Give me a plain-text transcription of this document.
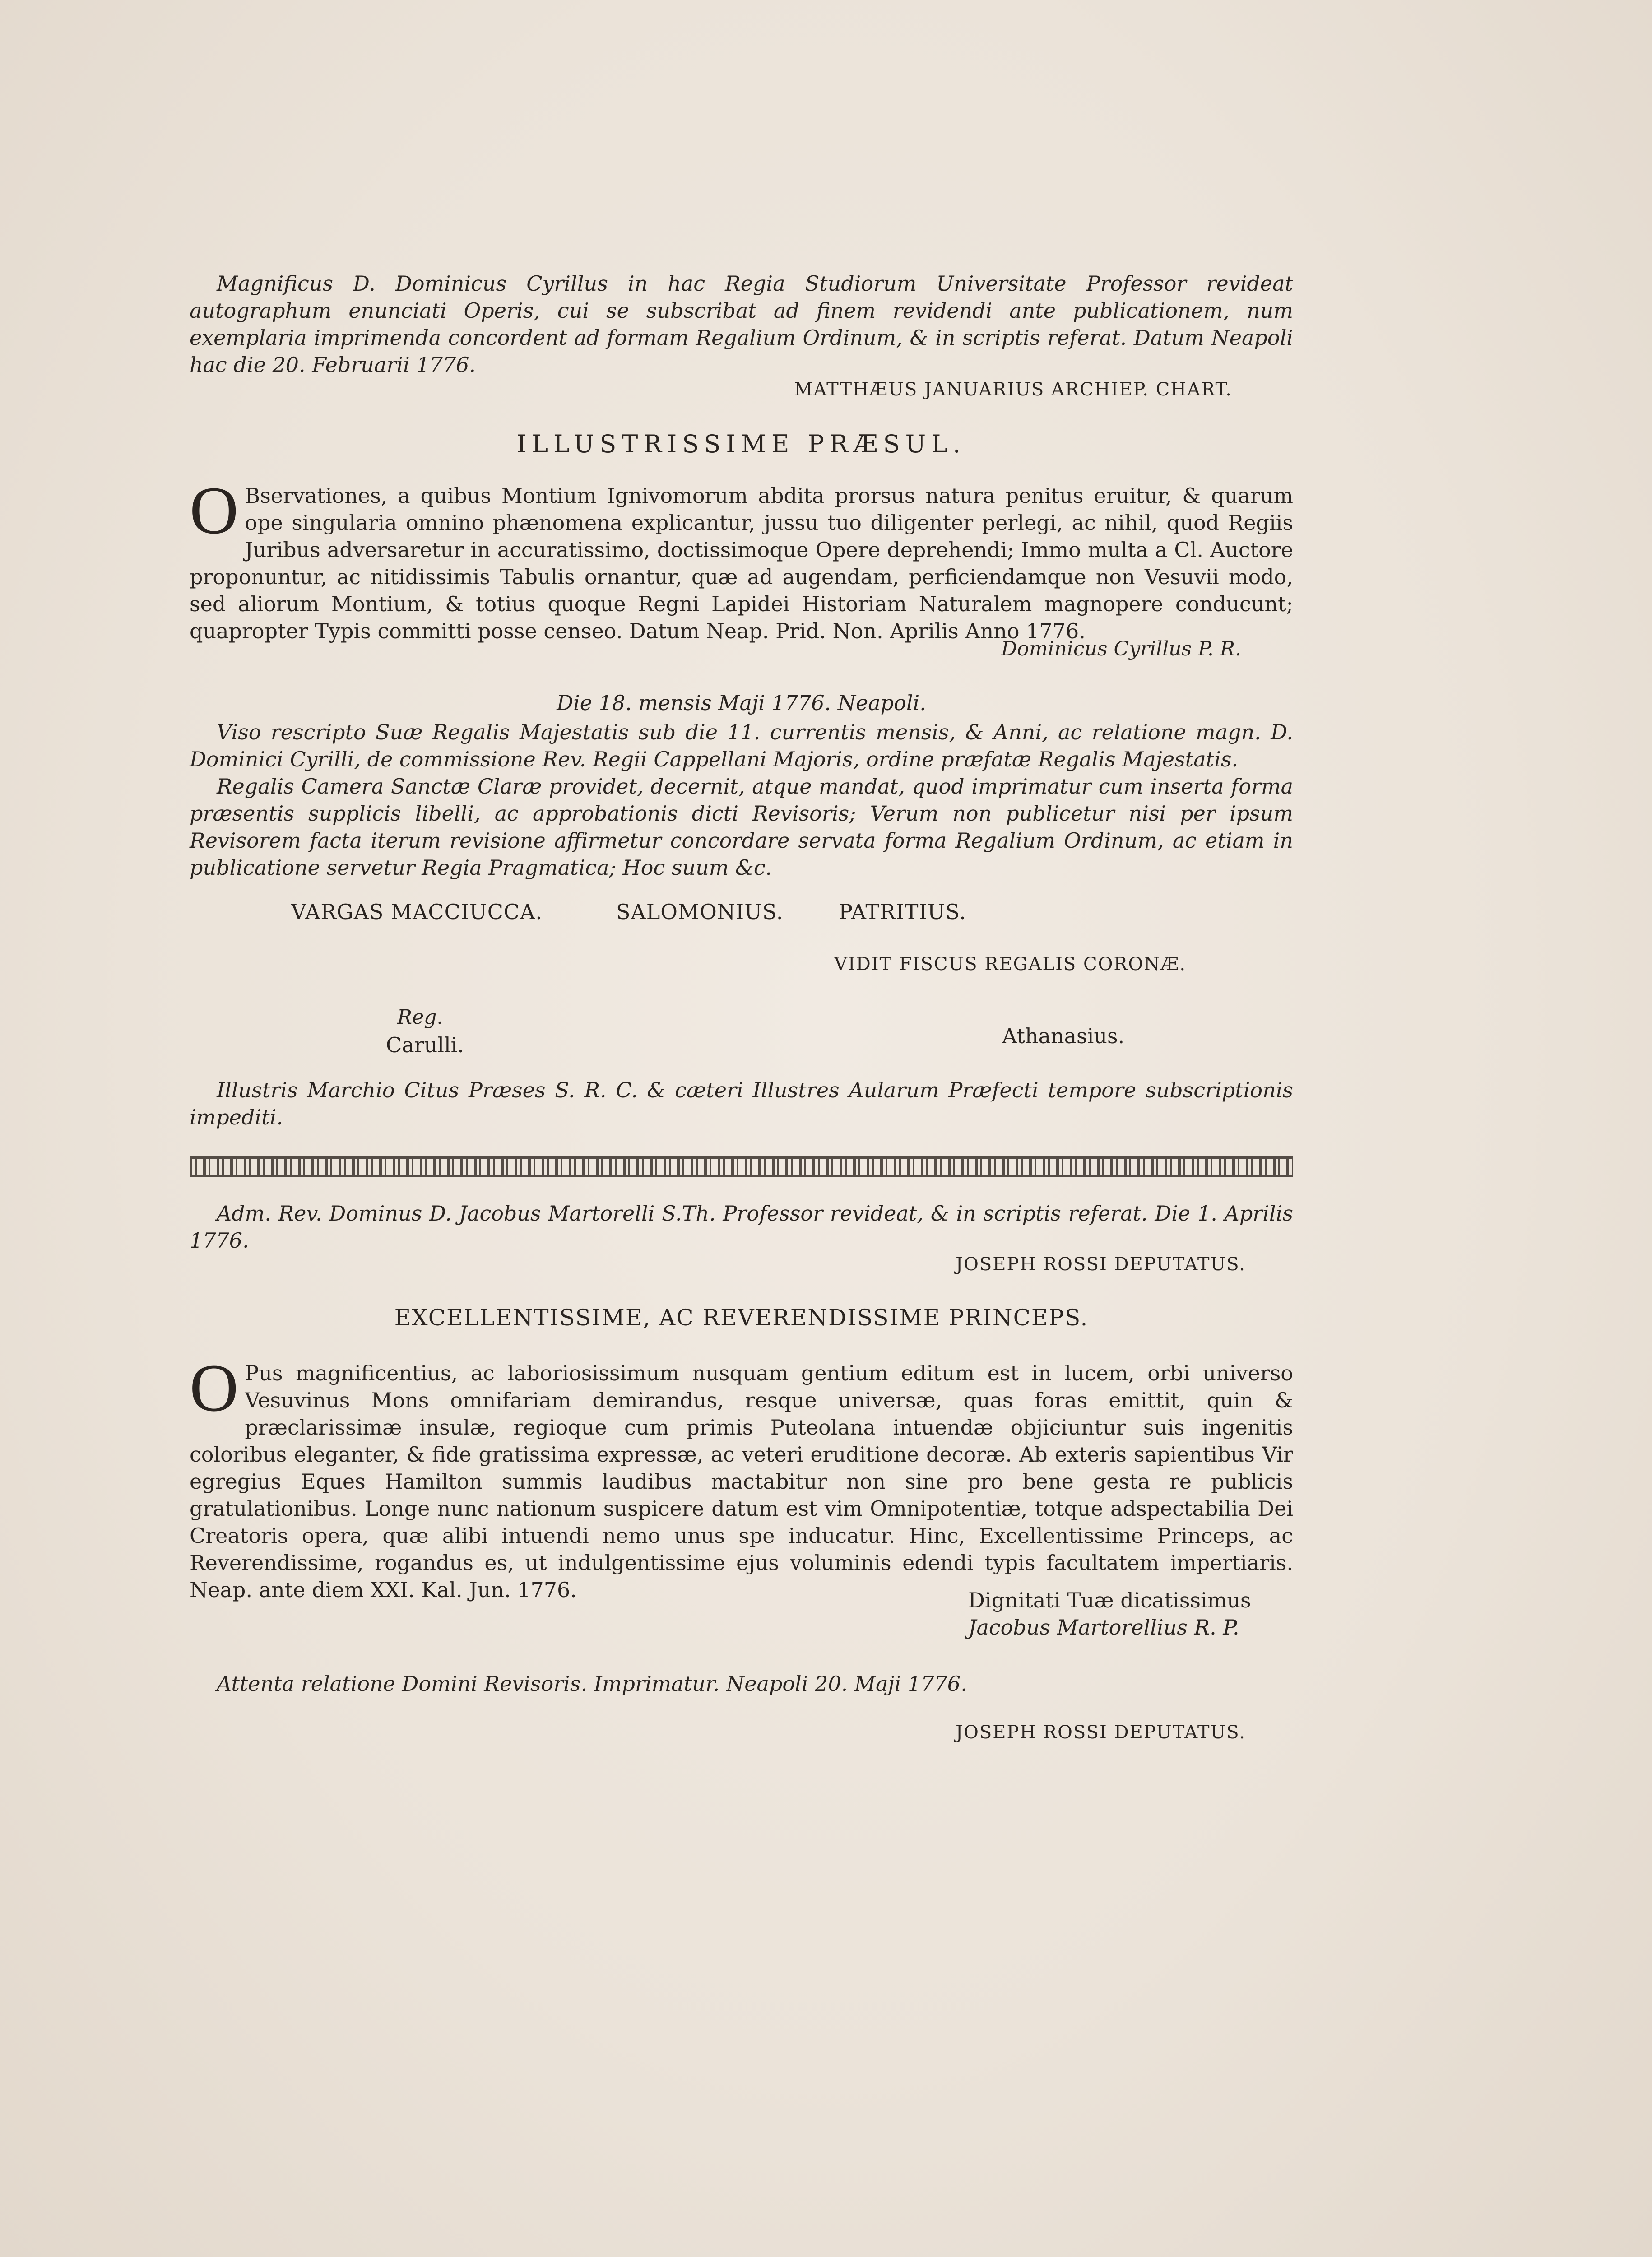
Magnificus D. Dominicus Cyrillus in hac Regia Studiorum Universitate Professor revideat autographum enunciati Operis, cui se subscribat ad finem revidendi ante publicationem, num exemplaria imprimenda concordent ad formam Regalium Ordinum, & in scriptis referat. Datum Neapoli hac die 20. Februarii 1776.

MATTHÆUS JANUARIUS ARCHIEP. CHART.
ILLUSTRISSIME PRÆSUL.
O Bservationes, a quibus Montium Ignivomorum abdita prorsus natura penitus eruitur, & quarum ope singularia omnino phænomena explicantur, jussu tuo diligenter perlegi, ac nihil, quod Regiis Juribus adversaretur in accuratissimo, doctissimoque Opere deprehendi; Immo multa a Cl. Auctore proponuntur, ac nitidissimis Tabulis ornantur, quæ ad augendam, perficiendamque non Vesuvii modo, sed aliorum Montium, & totius quoque Regni Lapidei Historiam Naturalem magnopere conducunt; quapropter Typis committi posse censeo. Datum Neap. Prid. Non. Aprilis Anno 1776.

Dominicus Cyrillus P. R.
Die 18. mensis Maji 1776. Neapoli.

Viso rescripto Suæ Regalis Majestatis sub die 11. currentis mensis, & Anni, ac relatione magn. D. Dominici Cyrilli, de commissione Rev. Regii Cappellani Majoris, ordine præfatæ Regalis Majestatis.

Regalis Camera Sanctæ Claræ providet, decernit, atque mandat, quod imprimatur cum inserta forma præsentis supplicis libelli, ac approbationis dicti Revisoris; Verum non publicetur nisi per ipsum Revisorem facta iterum revisione affirmetur concordare servata forma Regalium Ordinum, ac etiam in publicatione servetur Regia Pragmatica; Hoc suum &c.

VARGAS MACCIUCCA.	SALOMONIUS.	PATRITIUS.
VIDIT FISCUS REGALIS CORONÆ.
Reg.
Carulli.	Athanasius.

Illustris Marchio Citus Præses S. R. C. & cæteri Illustres Aularum Præfecti tempore subscriptionis impediti.

Adm. Rev. Dominus D. Jacobus Martorelli S.Th. Professor revideat, & in scriptis referat. Die 1. Aprilis 1776.

JOSEPH ROSSI DEPUTATUS.
EXCELLENTISSIME, AC REVERENDISSIME PRINCEPS.
O Pus magnificentius, ac laboriosissimum nusquam gentium editum est in lucem, orbi universo Vesuvinus Mons omnifariam demirandus, resque universæ, quas foras emittit, quin & præclarissimæ insulæ, regioque cum primis Puteolana intuendæ objiciuntur suis ingenitis coloribus eleganter, & fide gratissima expressæ, ac veteri eruditione decoræ. Ab exteris sapientibus Vir egregius Eques Hamilton summis laudibus mactabitur non sine pro bene gesta re publicis gratulationibus. Longe nunc nationum suspicere datum est vim Omnipotentiæ, totque adspectabilia Dei Creatoris opera, quæ alibi intuendi nemo unus spe inducatur. Hinc, Excellentissime Princeps, ac Reverendissime, rogandus es, ut indulgentissime ejus voluminis edendi typis facultatem impertiaris. Neap. ante diem XXI. Kal. Jun. 1776.	Dignitati Tuæ dicatissimus
Jacobus Martorellius R. P.

Attenta relatione Domini Revisoris. Imprimatur. Neapoli 20. Maji 1776.

JOSEPH ROSSI DEPUTATUS.
